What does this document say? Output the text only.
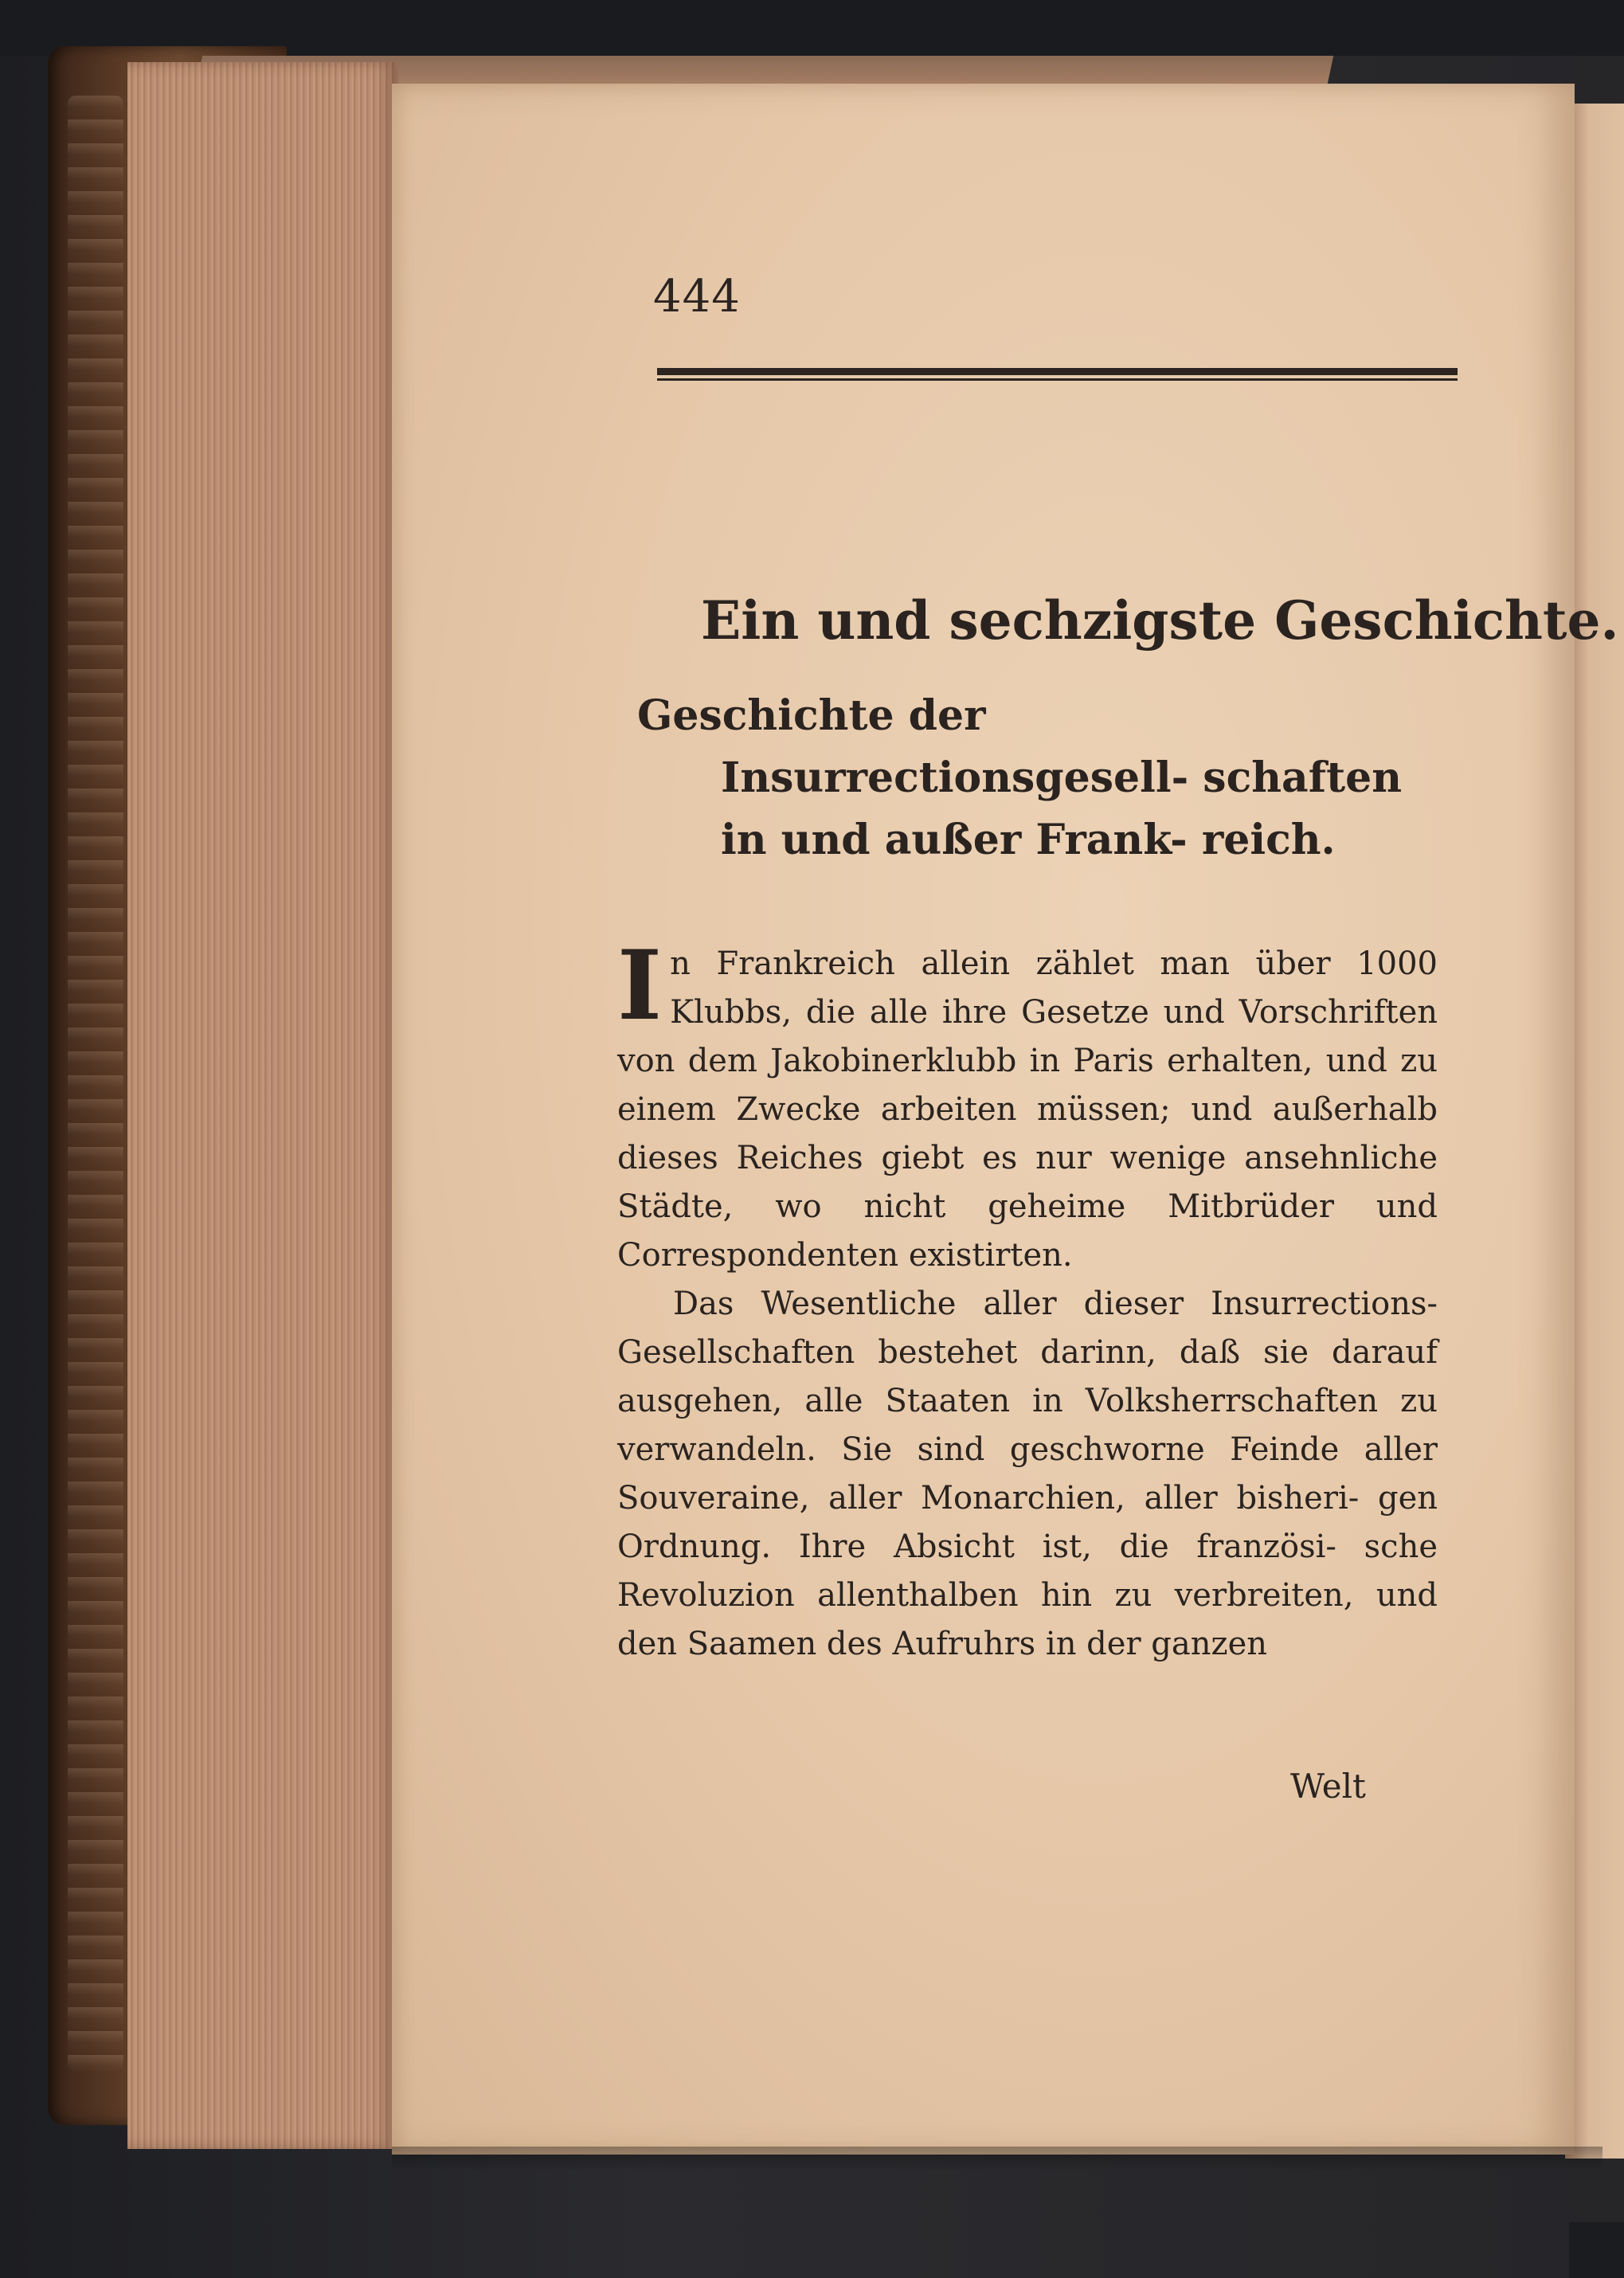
444
Ein und sechzigste Geschichte.
Geschichte der Insurrectionsgesell- schaften in und außer Frank- reich.

I n Frankreich allein zählet man über 1000 Klubbs, die alle ihre Gesetze und Vorschriften von dem Jakobinerklubb in Paris erhalten, und zu einem Zwecke arbeiten müssen; und außerhalb dieses Reiches giebt es nur wenige ansehnliche Städte, wo nicht geheime Mitbrüder und Correspondenten existirten.

Das Wesentliche aller dieser Insurrections- Gesellschaften bestehet darinn, daß sie darauf ausgehen, alle Staaten in Volksherrschaften zu verwandeln. Sie sind geschworne Feinde aller Souveraine, aller Monarchien, aller bisheri- gen Ordnung. Ihre Absicht ist, die französi- sche Revoluzion allenthalben hin zu verbreiten, und den Saamen des Aufruhrs in der ganzen

Welt
